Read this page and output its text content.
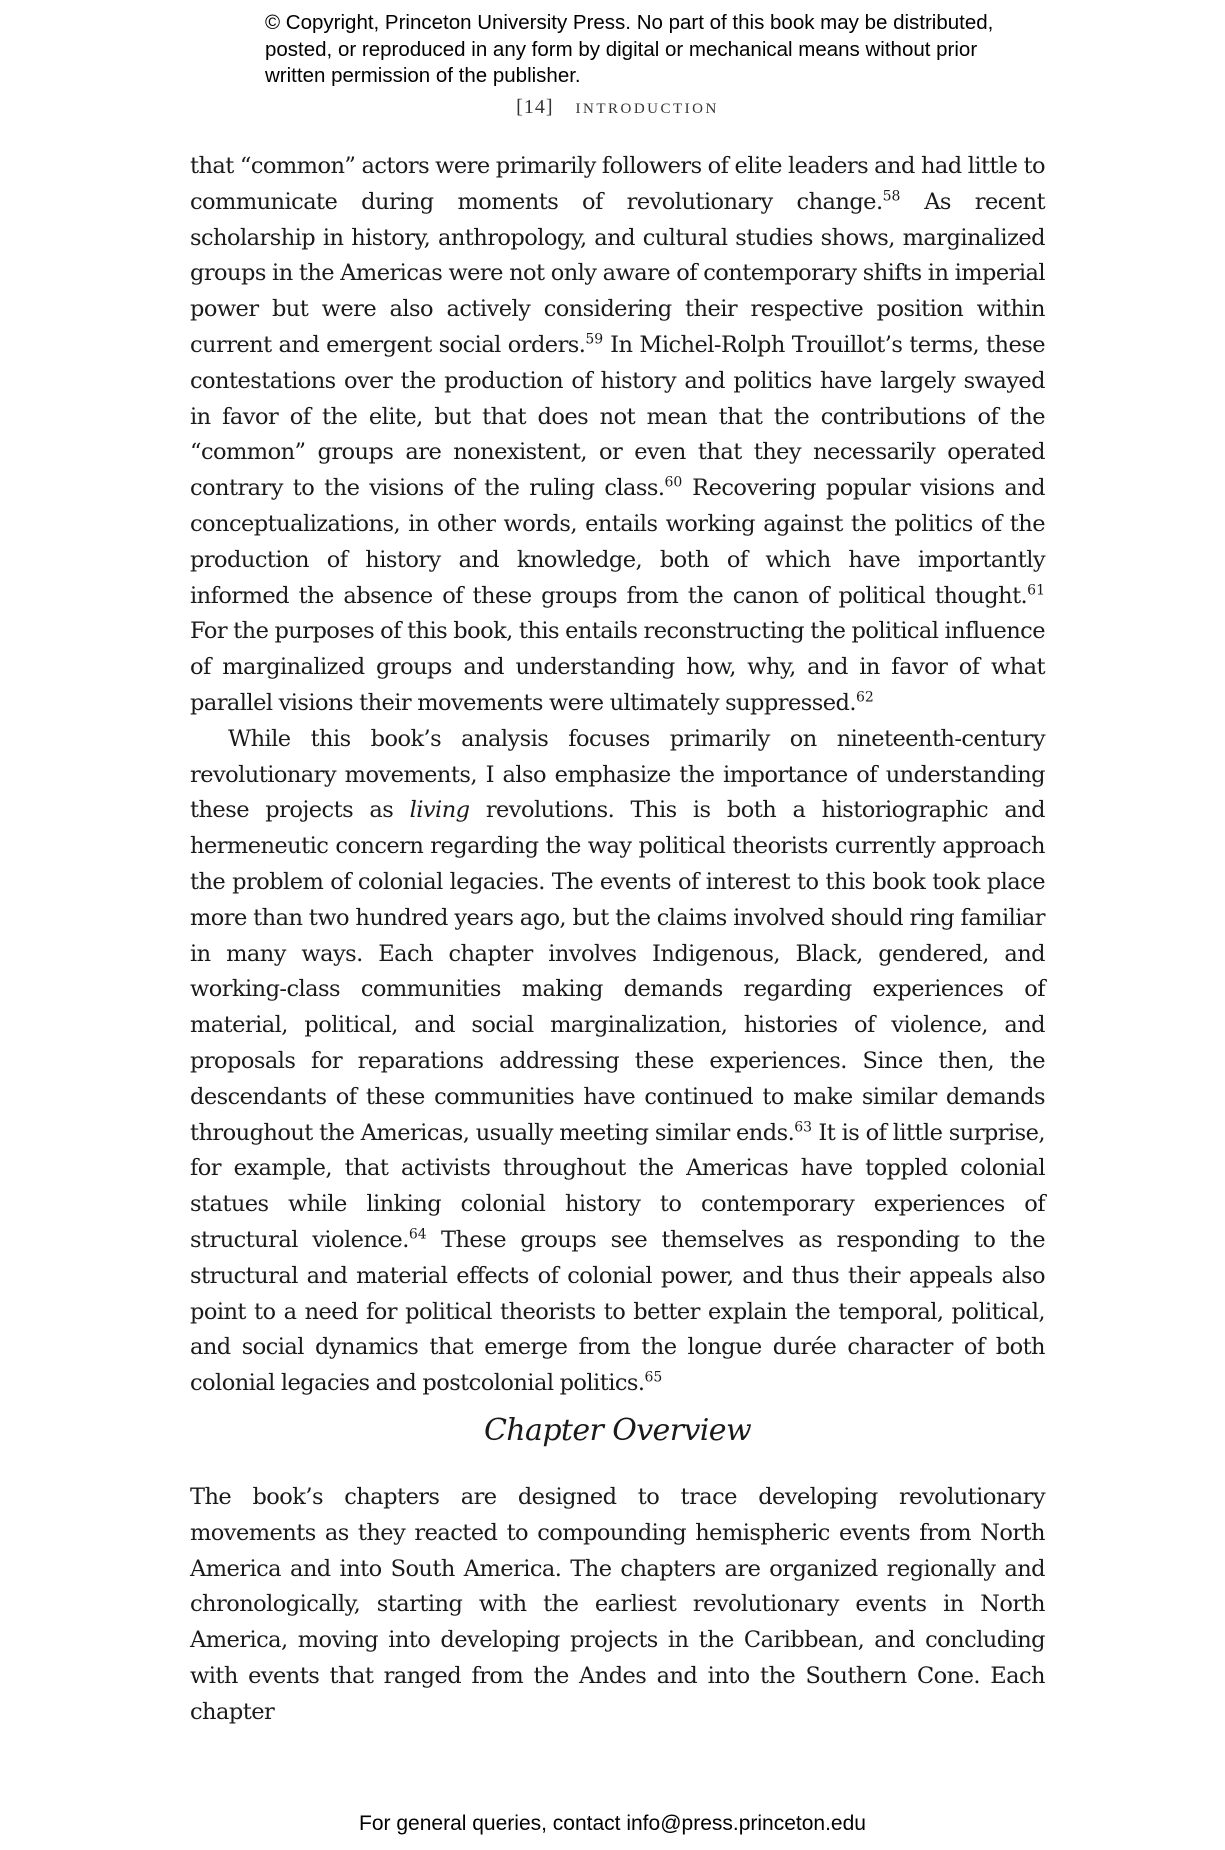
© Copyright, Princeton University Press. No part of this book may be distributed, posted, or reproduced in any form by digital or mechanical means without prior written permission of the publisher.
[14] introduction

that “common” actors were primarily followers of elite leaders and had little to communicate during moments of revolutionary change.$^{58}$ As recent scholarship in history, anthropology, and cultural studies shows, marginalized groups in the Americas were not only aware of contemporary shifts in imperial power but were also actively considering their respective position within current and emergent social orders.$^{59}$ In Michel-Rolph Trouillot’s terms, these contestations over the production of history and politics have largely swayed in favor of the elite, but that does not mean that the contributions of the “common” groups are nonexistent, or even that they necessarily operated contrary to the visions of the ruling class.$^{60}$ Recovering popular visions and conceptualizations, in other words, entails working against the politics of the production of history and knowledge, both of which have importantly informed the absence of these groups from the canon of political thought.$^{61}$ For the purposes of this book, this entails reconstructing the political influence of marginalized groups and understanding how, why, and in favor of what parallel visions their movements were ultimately suppressed.$^{62}$

While this book’s analysis focuses primarily on nineteenth-century revolutionary movements, I also emphasize the importance of understanding these projects as living revolutions. This is both a historiographic and hermeneutic concern regarding the way political theorists currently approach the problem of colonial legacies. The events of interest to this book took place more than two hundred years ago, but the claims involved should ring familiar in many ways. Each chapter involves Indigenous, Black, gendered, and working-class communities making demands regarding experiences of material, political, and social marginalization, histories of violence, and proposals for reparations addressing these experiences. Since then, the descendants of these communities have continued to make similar demands throughout the Americas, usually meeting similar ends.$^{63}$ It is of little surprise, for example, that activists throughout the Americas have toppled colonial statues while linking colonial history to contemporary experiences of structural violence.$^{64}$ These groups see themselves as responding to the structural and material effects of colonial power, and thus their appeals also point to a need for political theorists to better explain the temporal, political, and social dynamics that emerge from the longue durée character of both colonial legacies and postcolonial politics.$^{65}$

Chapter Overview

The book’s chapters are designed to trace developing revolutionary movements as they reacted to compounding hemispheric events from North America and into South America. The chapters are organized regionally and chronologically, starting with the earliest revolutionary events in North America, moving into developing projects in the Caribbean, and concluding with events that ranged from the Andes and into the Southern Cone. Each chapter

For general queries, contact info@press.princeton.edu
